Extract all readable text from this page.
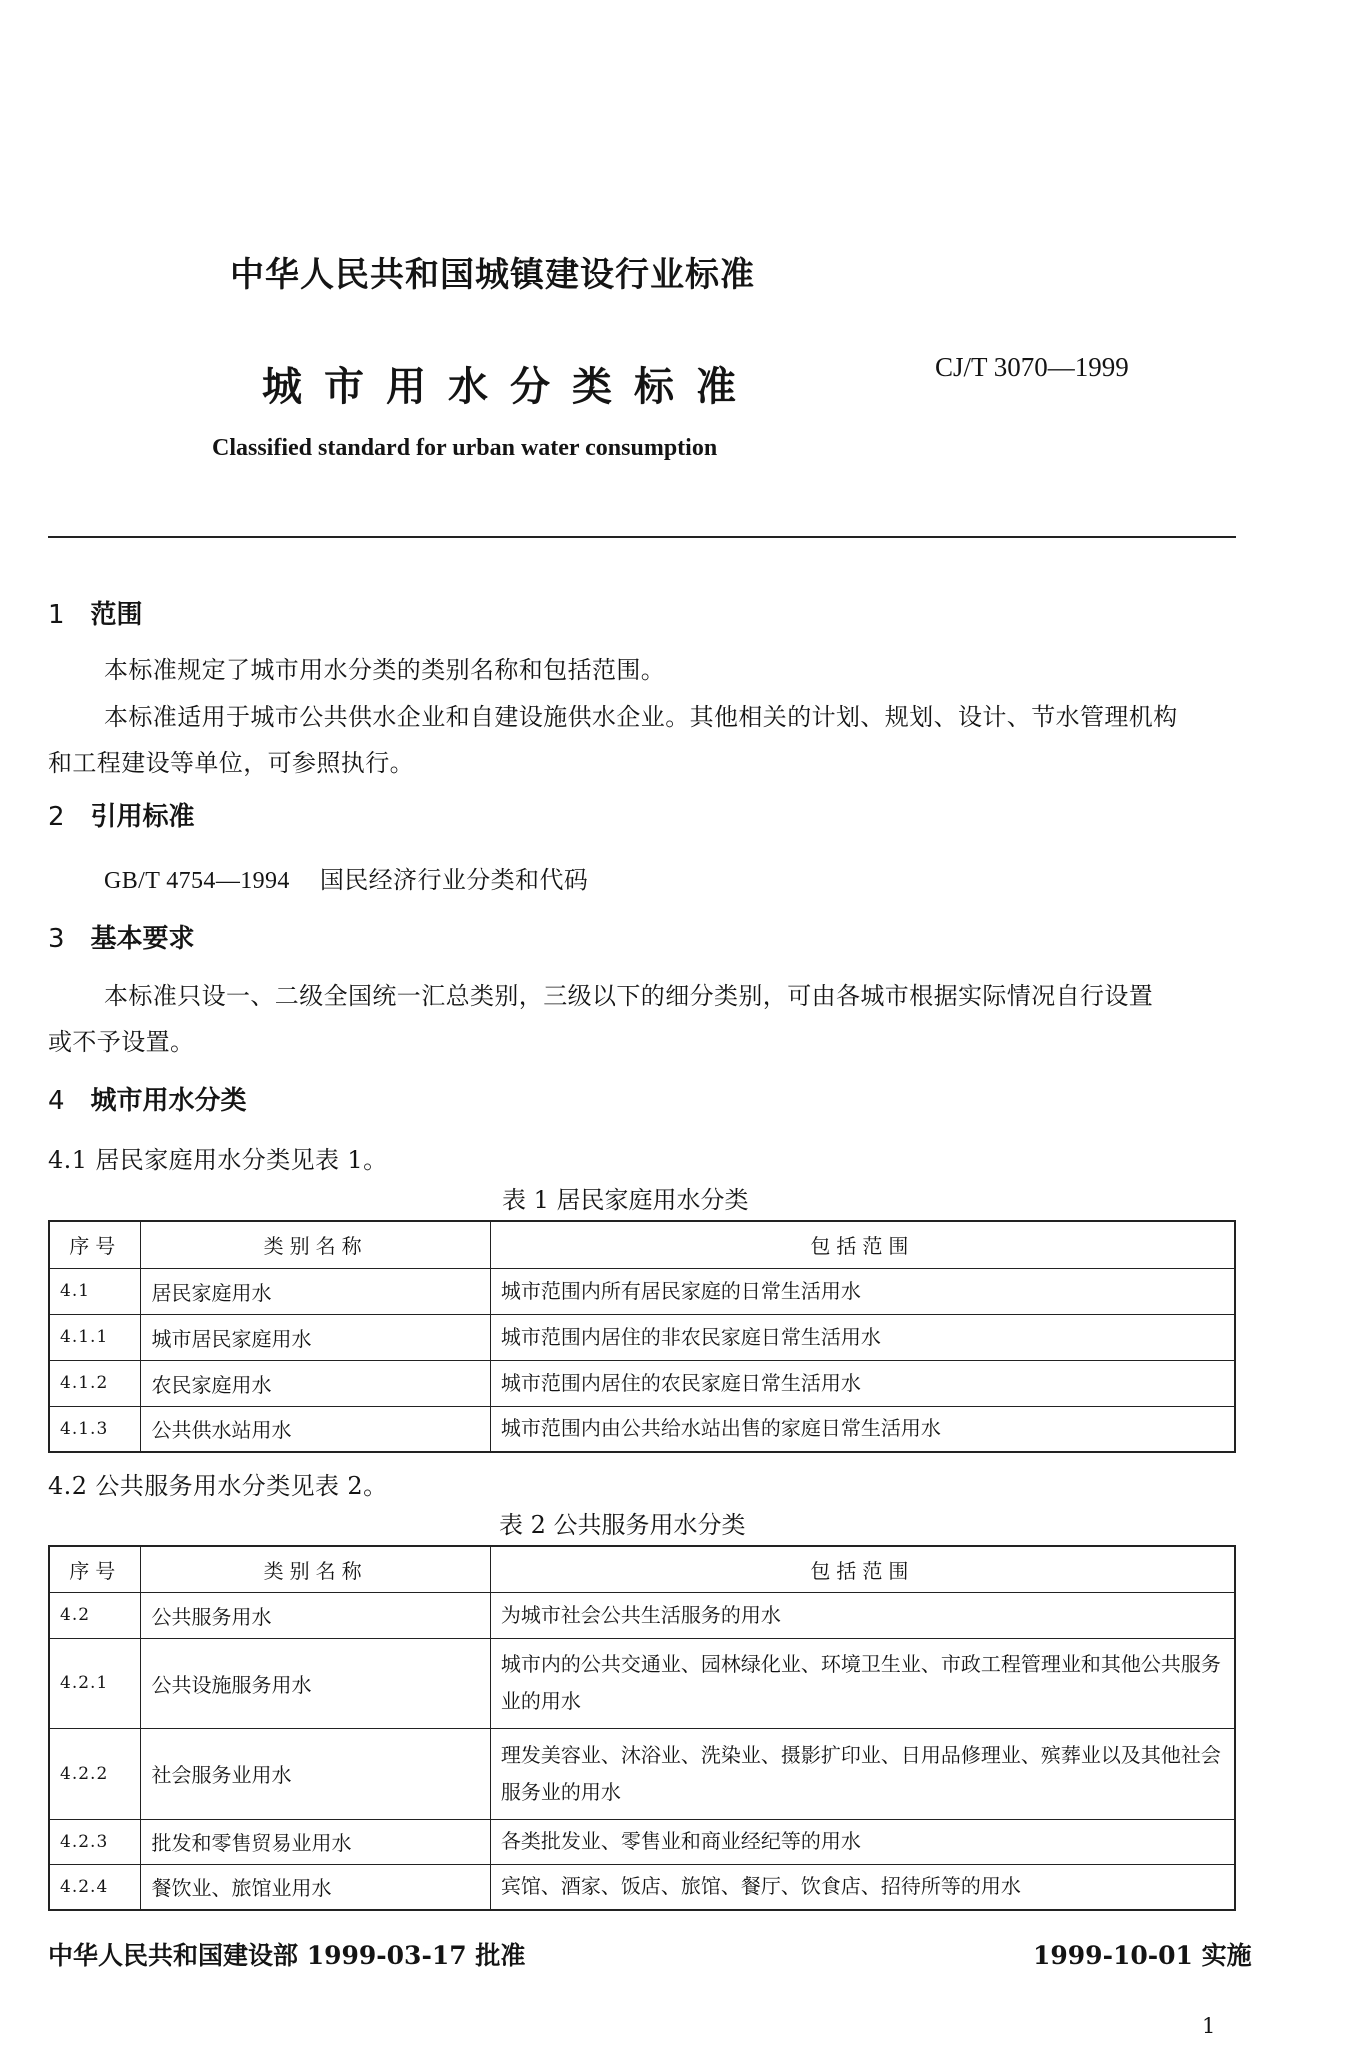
中华人民共和国城镇建设行业标准
城市用水分类标准	CJ/T 3070—1999
Classified standard for urban water consumption
1 范围
本标准规定了城市用水分类的类别名称和包括范围。
本标准适用于城市公共供水企业和自建设施供水企业。其他相关的计划、规划、设计、节水管理机构
和工程建设等单位，可参照执行。
2 引用标准
GB/T 4754—1994 国民经济行业分类和代码
3 基本要求
本标准只设一、二级全国统一汇总类别，三级以下的细分类别，可由各城市根据实际情况自行设置
或不予设置。
4 城市用水分类
4.1 居民家庭用水分类见表 1。
表 1 居民家庭用水分类
序号	类别名称	包括范围
4.1	居民家庭用水	城市范围内所有居民家庭的日常生活用水
4.1.1	城市居民家庭用水	城市范围内居住的非农民家庭日常生活用水
4.1.2	农民家庭用水	城市范围内居住的农民家庭日常生活用水
4.1.3	公共供水站用水	城市范围内由公共给水站出售的家庭日常生活用水
4.2 公共服务用水分类见表 2。
表 2 公共服务用水分类
序号	类别名称	包括范围
4.2	公共服务用水	为城市社会公共生活服务的用水
4.2.1	公共设施服务用水	城市内的公共交通业、园林绿化业、环境卫生业、市政工程管理业和其他公共服务业的用水
4.2.2	社会服务业用水	理发美容业、沐浴业、洗染业、摄影扩印业、日用品修理业、殡葬业以及其他社会服务业的用水
4.2.3	批发和零售贸易业用水	各类批发业、零售业和商业经纪等的用水
4.2.4	餐饮业、旅馆业用水	宾馆、酒家、饭店、旅馆、餐厅、饮食店、招待所等的用水
中华人民共和国建设部 1999-03-17 批准	1999-10-01 实施
1
